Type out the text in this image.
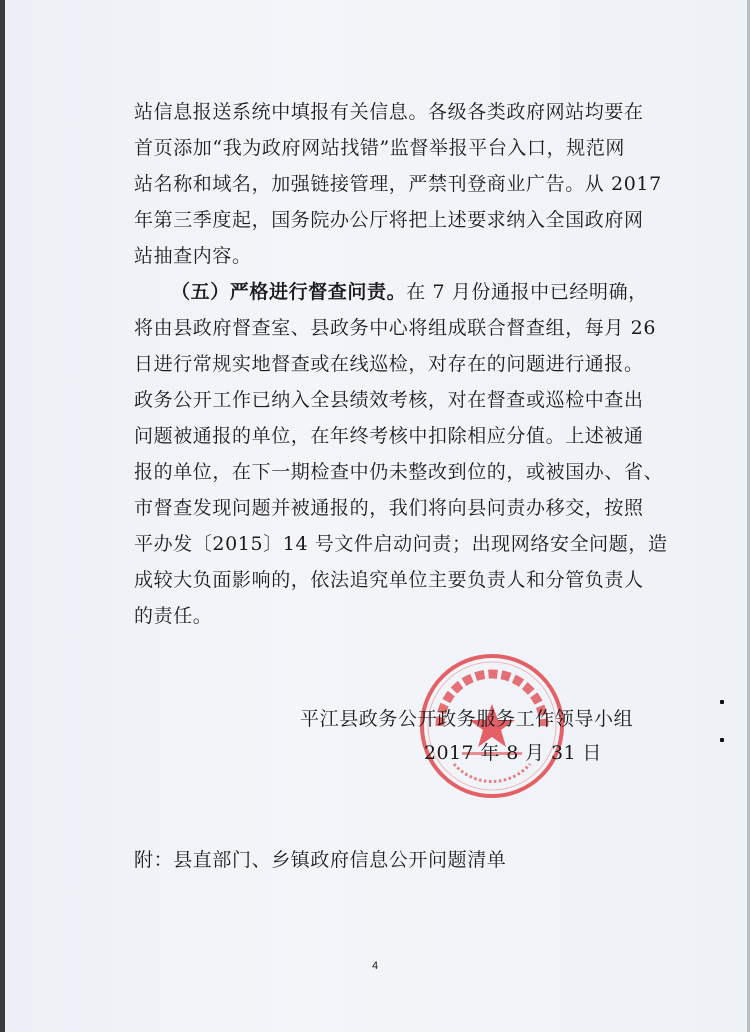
站信息报送系统中填报有关信息。各级各类政府网站均要在
首页添加“我为政府网站找错”监督举报平台入口，规范网
站名称和域名，加强链接管理，严禁刊登商业广告。从 2017
年第三季度起，国务院办公厅将把上述要求纳入全国政府网
站抽查内容。
（五）严格进行督查问责。在 7 月份通报中已经明确，
将由县政府督查室、县政务中心将组成联合督查组，每月 26
日进行常规实地督查或在线巡检，对存在的问题进行通报。
政务公开工作已纳入全县绩效考核，对在督查或巡检中查出
问题被通报的单位，在年终考核中扣除相应分值。上述被通
报的单位，在下一期检查中仍未整改到位的，或被国办、省、
市督查发现问题并被通报的，我们将向县问责办移交，按照
平办发〔2015〕14 号文件启动问责；出现网络安全问题，造
成较大负面影响的，依法追究单位主要负责人和分管负责人
的责任。
平江县政务公开政务服务工作领导小组
2017 年 8 月 31 日
附：县直部门、乡镇政府信息公开问题清单
4
